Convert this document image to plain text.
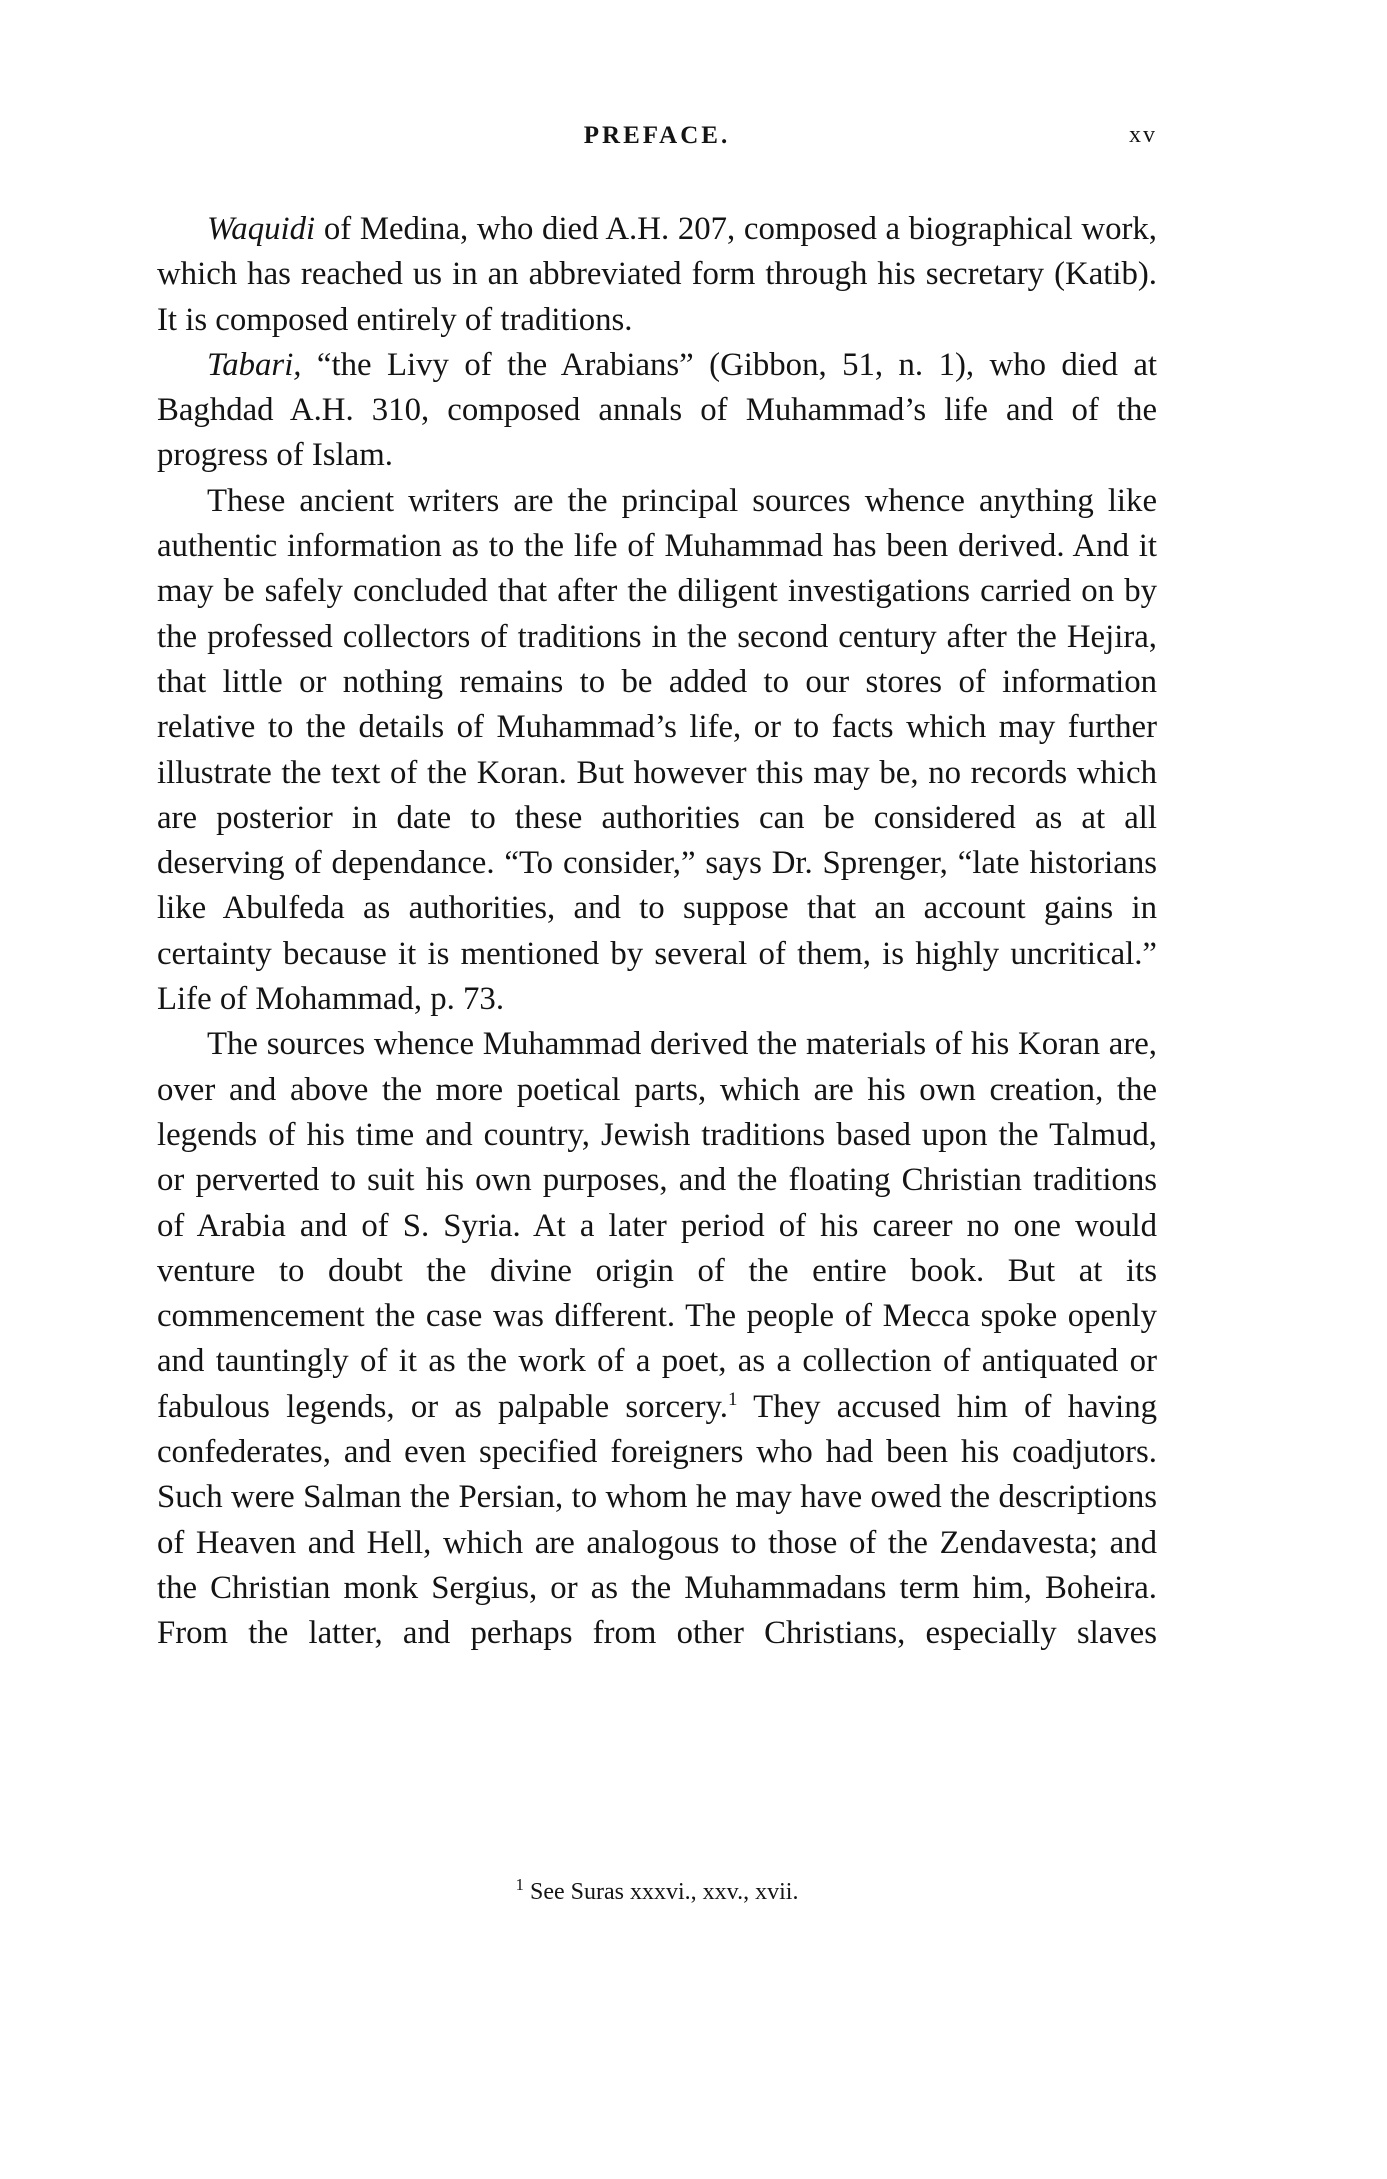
PREFACE.	xv

Waquidi of Medina, who died A.H. 207, composed a biographical work, which has reached us in an abbreviated form through his secretary (Katib). It is composed entirely of traditions.

Tabari, “the Livy of the Arabians” (Gibbon, 51, n. 1), who died at Baghdad A.H. 310, composed annals of Muhammad’s life and of the progress of Islam.

These ancient writers are the principal sources whence anything like authentic information as to the life of Muhammad has been derived. And it may be safely concluded that after the diligent investigations carried on by the professed collectors of traditions in the second century after the Hejira, that little or nothing remains to be added to our stores of information relative to the details of Muhammad’s life, or to facts which may further illustrate the text of the Koran. But however this may be, no records which are posterior in date to these authorities can be considered as at all deserving of dependance. “To consider,” says Dr. Sprenger, “late historians like Abulfeda as authorities, and to suppose that an account gains in certainty because it is mentioned by several of them, is highly uncritical.” Life of Mohammad, p. 73.

The sources whence Muhammad derived the materials of his Koran are, over and above the more poetical parts, which are his own creation, the legends of his time and country, Jewish traditions based upon the Talmud, or perverted to suit his own purposes, and the floating Christian traditions of Arabia and of S. Syria. At a later period of his career no one would venture to doubt the divine origin of the entire book. But at its commencement the case was different. The people of Mecca spoke openly and tauntingly of it as the work of a poet, as a collection of antiquated or fabulous legends, or as palpable sorcery.$^1$ They accused him of having confederates, and even specified foreigners who had been his coadjutors. Such were Salman the Persian, to whom he may have owed the descriptions of Heaven and Hell, which are analogous to those of the Zendavesta; and the Christian monk Sergius, or as the Muhammadans term him, Boheira. From the latter, and perhaps from other Christians, especially slaves

$^1$ See Suras xxxvi., xxv., xvii.
